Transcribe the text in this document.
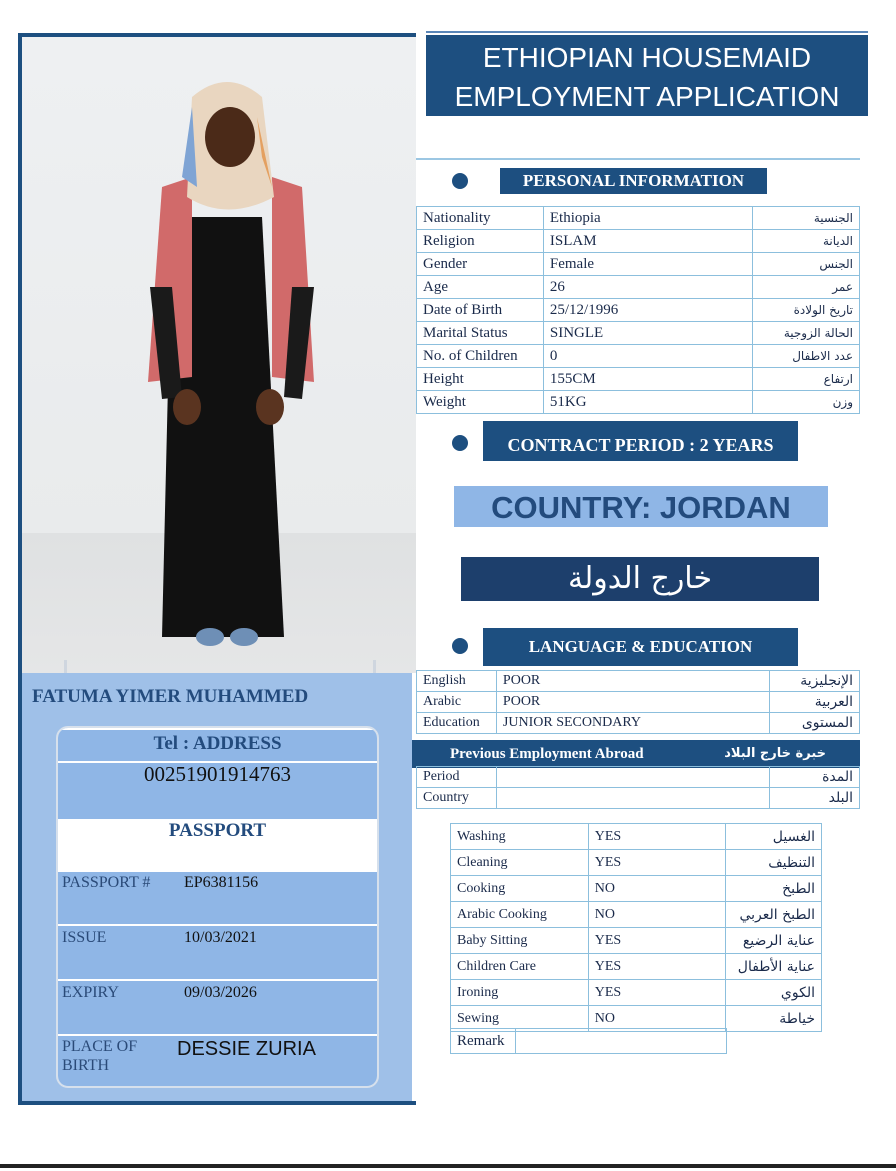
FATUMA YIMER MUHAMMED
Tel : ADDRESS
00251901914763
PASSPORT
PASSPORT # EP6381156
ISSUE	10/03/2021
EXPIRY	09/03/2026
PLACE OF BIRTH
DESSIE ZURIA
ETHIOPIAN HOUSEMAID
EMPLOYMENT APPLICATION
PERSONAL INFORMATION
Nationality	Ethiopia	الجنسية
Religion	ISLAM	الديانة
Gender	Female	الجنس
Age	26	عمر
Date of Birth	25/12/1996	تاريخ الولادة
Marital Status	SINGLE	الحالة الزوجية
No. of Children	0	عدد الاطفال
Height	155CM	ارتفاع
Weight	51KG	وزن
CONTRACT PERIOD : 2 YEARS
COUNTRY: JORDAN
خارج الدولة
LANGUAGE & EDUCATION
English	POOR	الإنجليزية
Arabic	POOR	العربية
Education	JUNIOR SECONDARY	المستوى
Previous Employment Abroad	خبرة خارج البلاد
Period		المدة
Country		البلد
Washing	YES	الغسيل
Cleaning	YES	التنظيف
Cooking	NO	الطبخ
Arabic Cooking	NO	الطبخ العربي
Baby Sitting	YES	عناية الرضيع
Children Care	YES	عناية الأطفال
Ironing	YES	الكوي
Sewing	NO	خياطة
Remark	
